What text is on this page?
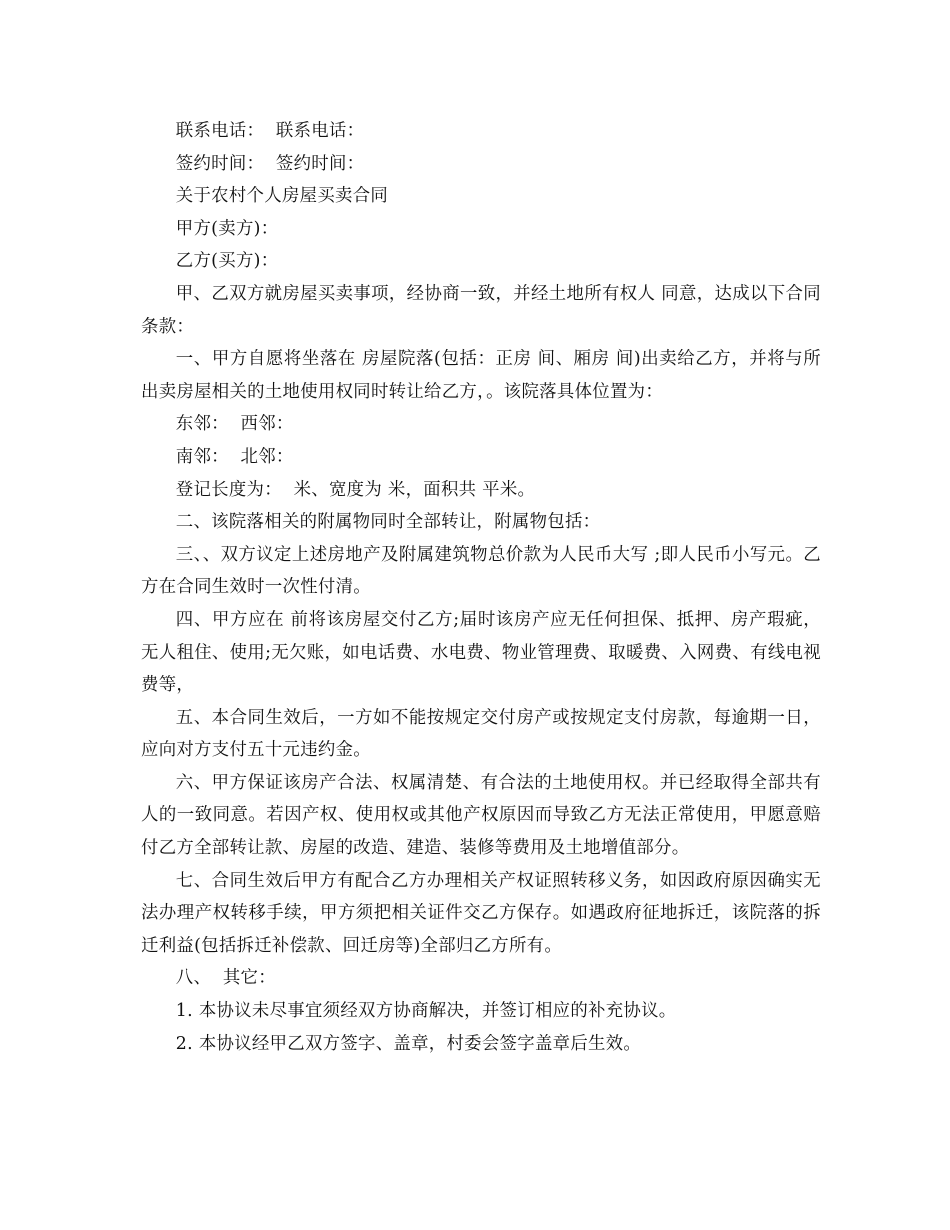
联系电话：  联系电话：

签约时间：  签约时间：

关于农村个人房屋买卖合同

甲方(卖方)：

乙方(买方)：

甲、乙双方就房屋买卖事项，经协商一致，并经土地所有权人 同意，达成以下合同条款：

一、甲方自愿将坐落在 房屋院落(包括：正房 间、厢房 间)出卖给乙方，并将与所出卖房屋相关的土地使用权同时转让给乙方，。该院落具体位置为：

东邻：  西邻：

南邻：  北邻：

登记长度为：  米、宽度为 米，面积共 平米。

二、该院落相关的附属物同时全部转让，附属物包括：

三、、双方议定上述房地产及附属建筑物总价款为人民币大写 ;即人民币小写元。乙方在合同生效时一次性付清。

四、甲方应在 前将该房屋交付乙方;届时该房产应无任何担保、抵押、房产瑕疵，无人租住、使用;无欠账，如电话费、水电费、物业管理费、取暖费、入网费、有线电视费等，

五、本合同生效后，一方如不能按规定交付房产或按规定支付房款，每逾期一日，应向对方支付五十元违约金。

六、甲方保证该房产合法、权属清楚、有合法的土地使用权。并已经取得全部共有人的一致同意。若因产权、使用权或其他产权原因而导致乙方无法正常使用，甲愿意赔付乙方全部转让款、房屋的改造、建造、装修等费用及土地增值部分。

七、合同生效后甲方有配合乙方办理相关产权证照转移义务，如因政府原因确实无法办理产权转移手续，甲方须把相关证件交乙方保存。如遇政府征地拆迁，该院落的拆迁利益(包括拆迁补偿款、回迁房等)全部归乙方所有。

八、  其它：

1. 本协议未尽事宜须经双方协商解决，并签订相应的补充协议。

2. 本协议经甲乙双方签字、盖章，村委会签字盖章后生效。
